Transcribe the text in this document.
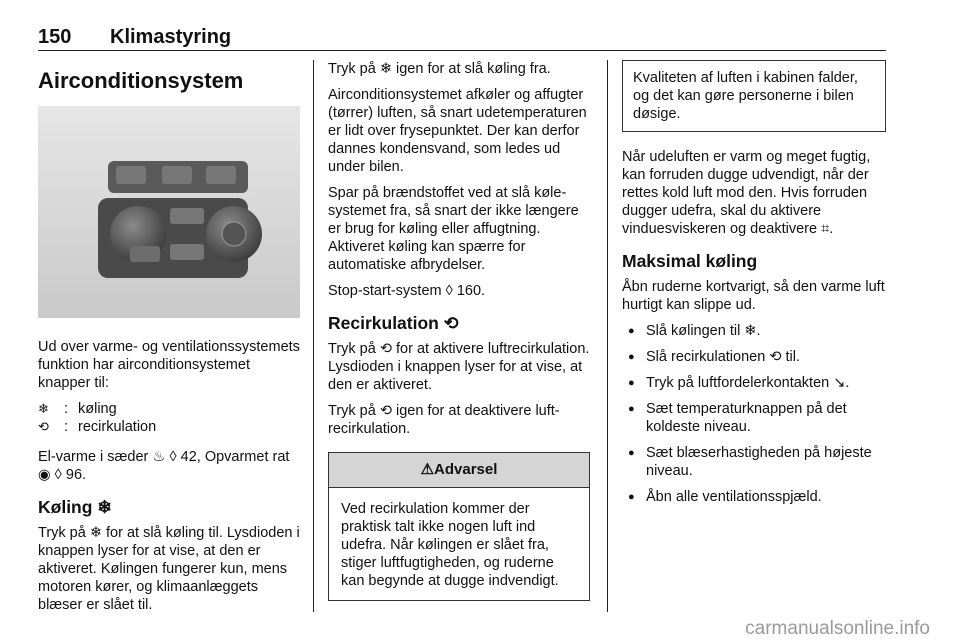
150 Klimastyring
Airconditionsystem

Ud over varme- og ventilationssystemets funktion har airconditionsystemet knapper til:

❄	: køling
⟲	: recirkulation

El-varme i sæder ♨ ◊ 42, Opvarmet rat ◉ ◊ 96.

Køling ❄

Tryk på ❄ for at slå køling til. Lysdioden i knappen lyser for at vise, at den er aktiveret. Kølingen fungerer kun, mens motoren kører, og klimaanlæggets blæser er slået til.

Tryk på ❄ igen for at slå køling fra.

Airconditionsystemet afkøler og affugter (tørrer) luften, så snart udetemperaturen er lidt over frysepunktet. Der kan derfor dannes kondensvand, som ledes ud under bilen.

Spar på brændstoffet ved at slå kølesystemet fra, så snart der ikke længere er brug for køling eller affugtning. Aktiveret køling kan spærre for automatiske afbrydelser.

Stop-start-system ◊ 160.

Recirkulation ⟲

Tryk på ⟲ for at aktivere luftrecirkulation. Lysdioden i knappen lyser for at vise, at den er aktiveret.

Tryk på ⟲ igen for at deaktivere luftrecirkulation.

⚠Advarsel
Ved recirkulation kommer der praktisk talt ikke nogen luft ind udefra. Når kølingen er slået fra, stiger luftfugtigheden, og ruderne kan begynde at dugge indvendigt.
Kvaliteten af luften i kabinen falder, og det kan gøre personerne i bilen døsige.

Når udeluften er varm og meget fugtig, kan forruden dugge udvendigt, når der rettes kold luft mod den. Hvis forruden dugger udefra, skal du aktivere vinduesviskeren og deaktivere ⌗.

Maksimal køling

Åbn ruderne kortvarigt, så den varme luft hurtigt kan slippe ud.

● Slå kølingen til ❄.
● Slå recirkulationen ⟲ til.
● Tryk på luftfordelerkontakten ↘.
● Sæt temperaturknappen på det koldeste niveau.
● Sæt blæserhastigheden på højeste niveau.
● Åbn alle ventilationsspjæld.
carmanualsonline.info
